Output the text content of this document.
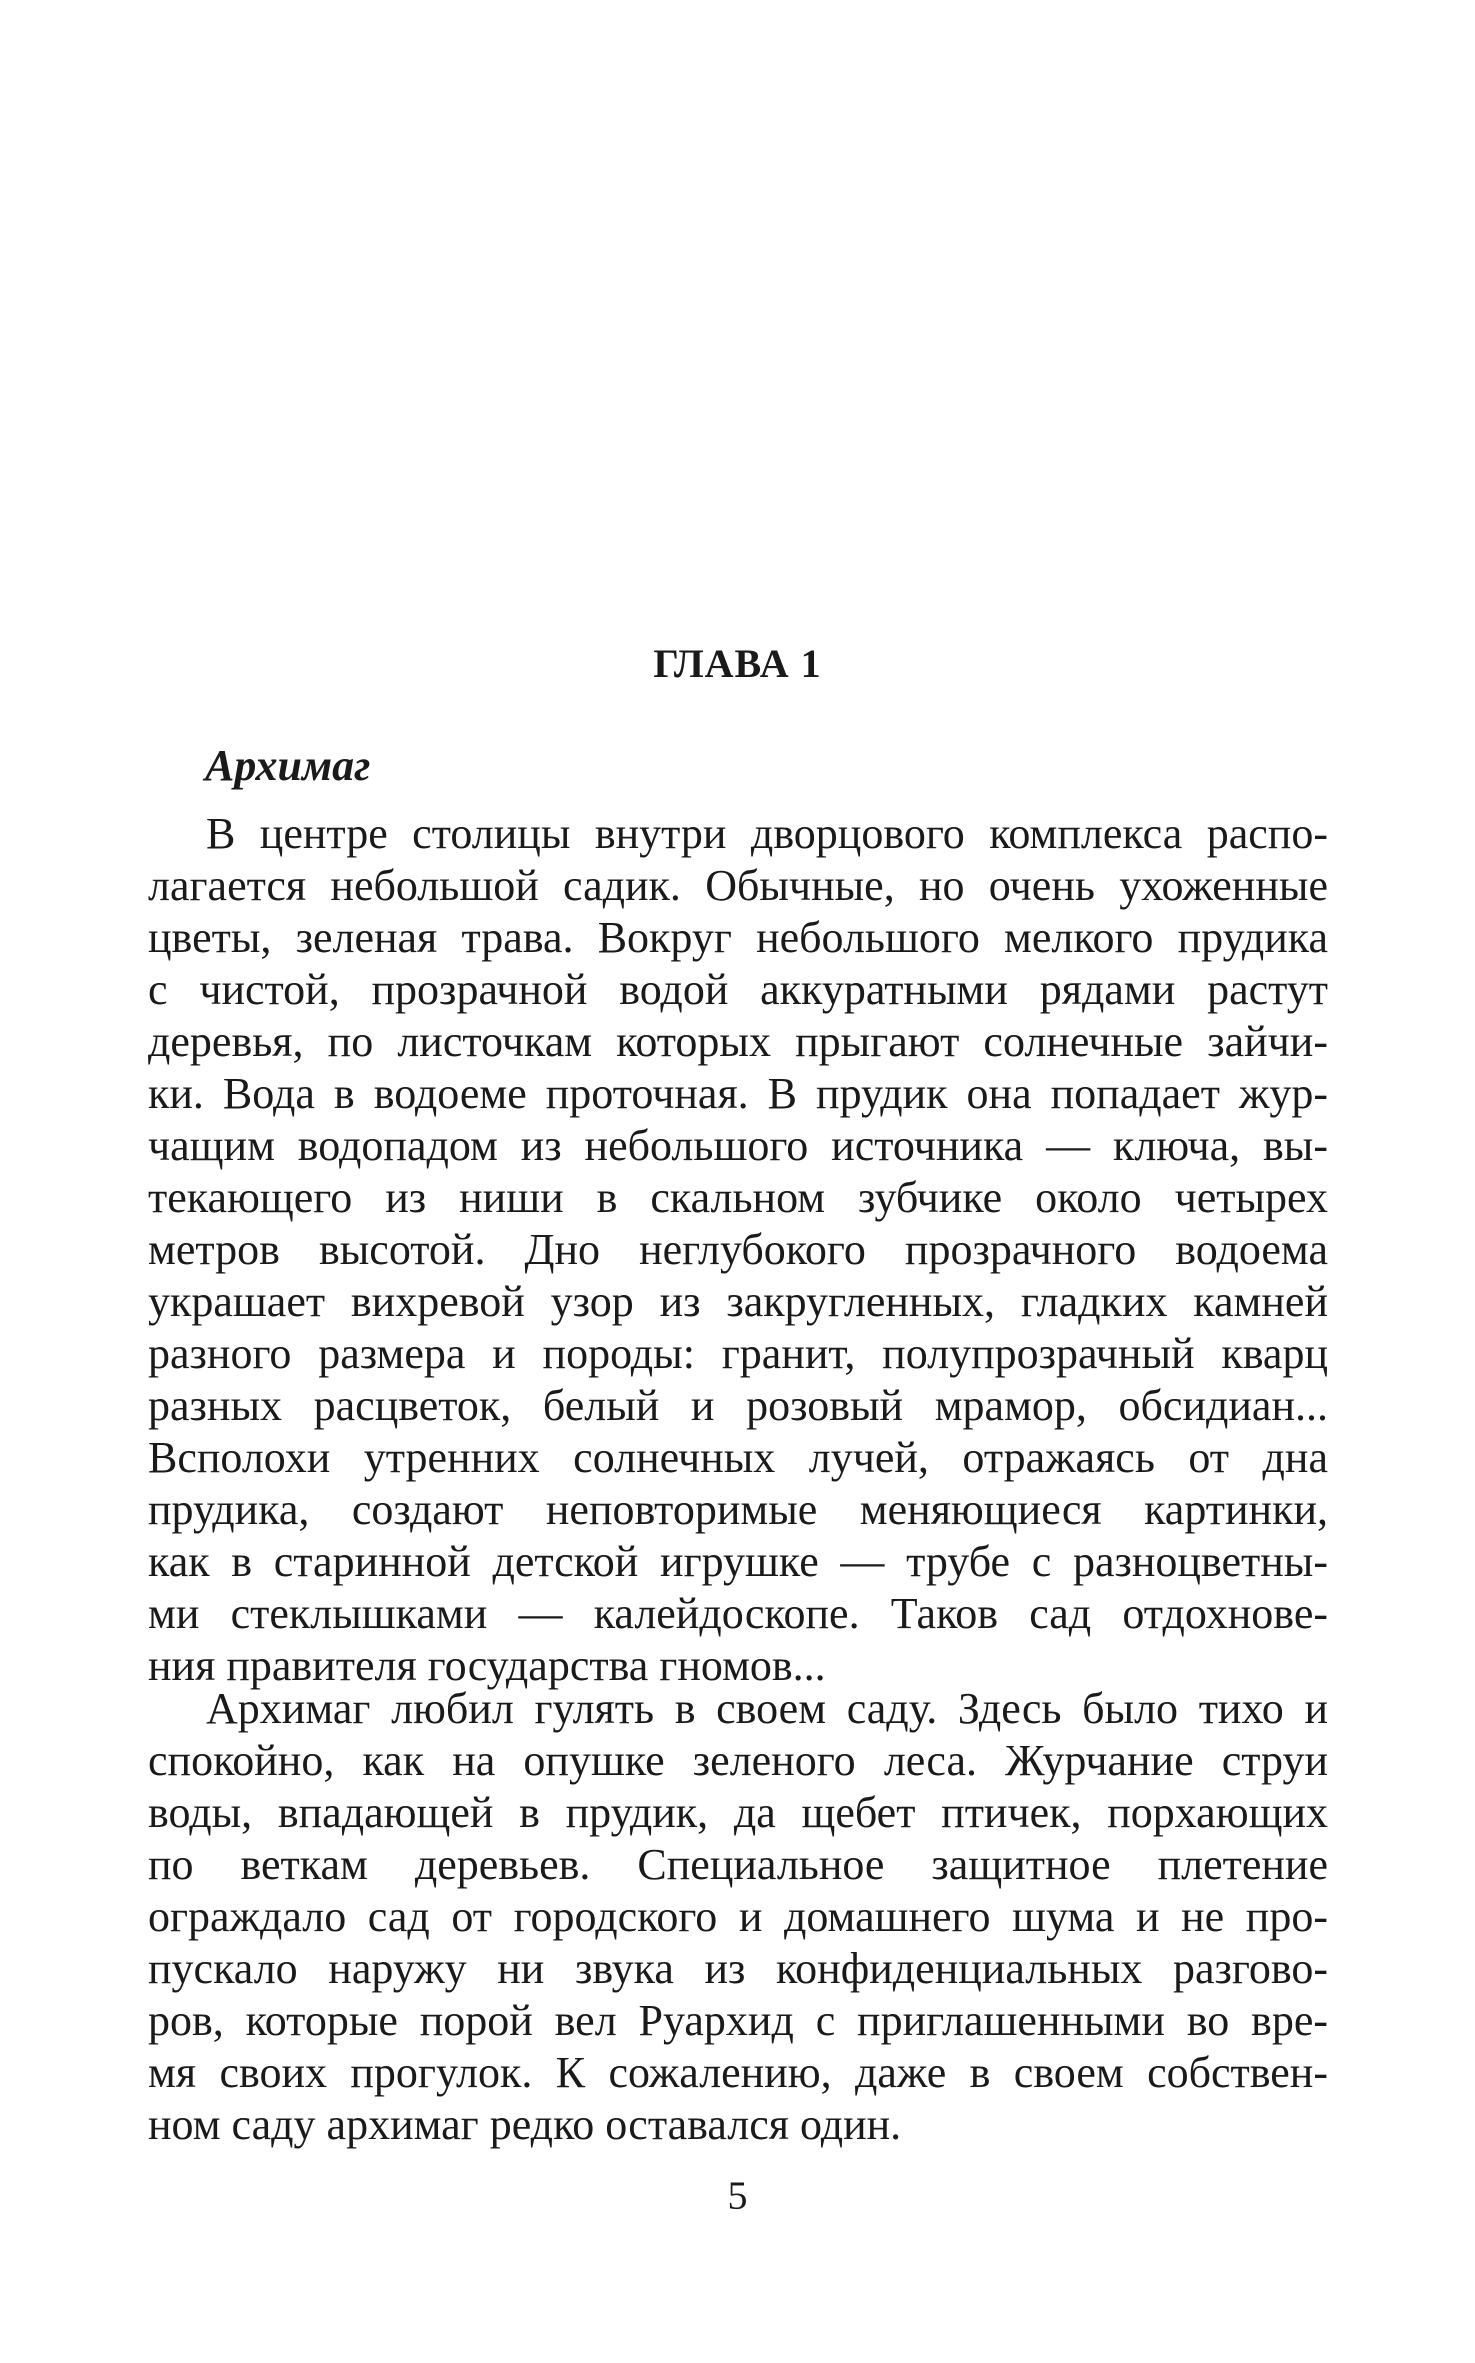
ГЛАВА 1
Архимаг
В центре столицы внутри дворцового комплекса распо-
лагается небольшой садик. Обычные, но очень ухоженные
цветы, зеленая трава. Вокруг небольшого мелкого прудика
с чистой, прозрачной водой аккуратными рядами растут
деревья, по листочкам которых прыгают солнечные зайчи-
ки. Вода в водоеме проточная. В прудик она попадает жур-
чащим водопадом из небольшого источника — ключа, вы-
текающего из ниши в скальном зубчике около четырех
метров высотой. Дно неглубокого прозрачного водоема
украшает вихревой узор из закругленных, гладких камней
разного размера и породы: гранит, полупрозрачный кварц
разных расцветок, белый и розовый мрамор, обсидиан...
Всполохи утренних солнечных лучей, отражаясь от дна
прудика, создают неповторимые меняющиеся картинки,
как в старинной детской игрушке — трубе с разноцветны-
ми стеклышками — калейдоскопе. Таков сад отдохнове-
ния правителя государства гномов...
Архимаг любил гулять в своем саду. Здесь было тихо и
спокойно, как на опушке зеленого леса. Журчание струи
воды, впадающей в прудик, да щебет птичек, порхающих
по веткам деревьев. Специальное защитное плетение
ограждало сад от городского и домашнего шума и не про-
пускало наружу ни звука из конфиденциальных разгово-
ров, которые порой вел Руархид с приглашенными во вре-
мя своих прогулок. К сожалению, даже в своем собствен-
ном саду архимаг редко оставался один.

5
